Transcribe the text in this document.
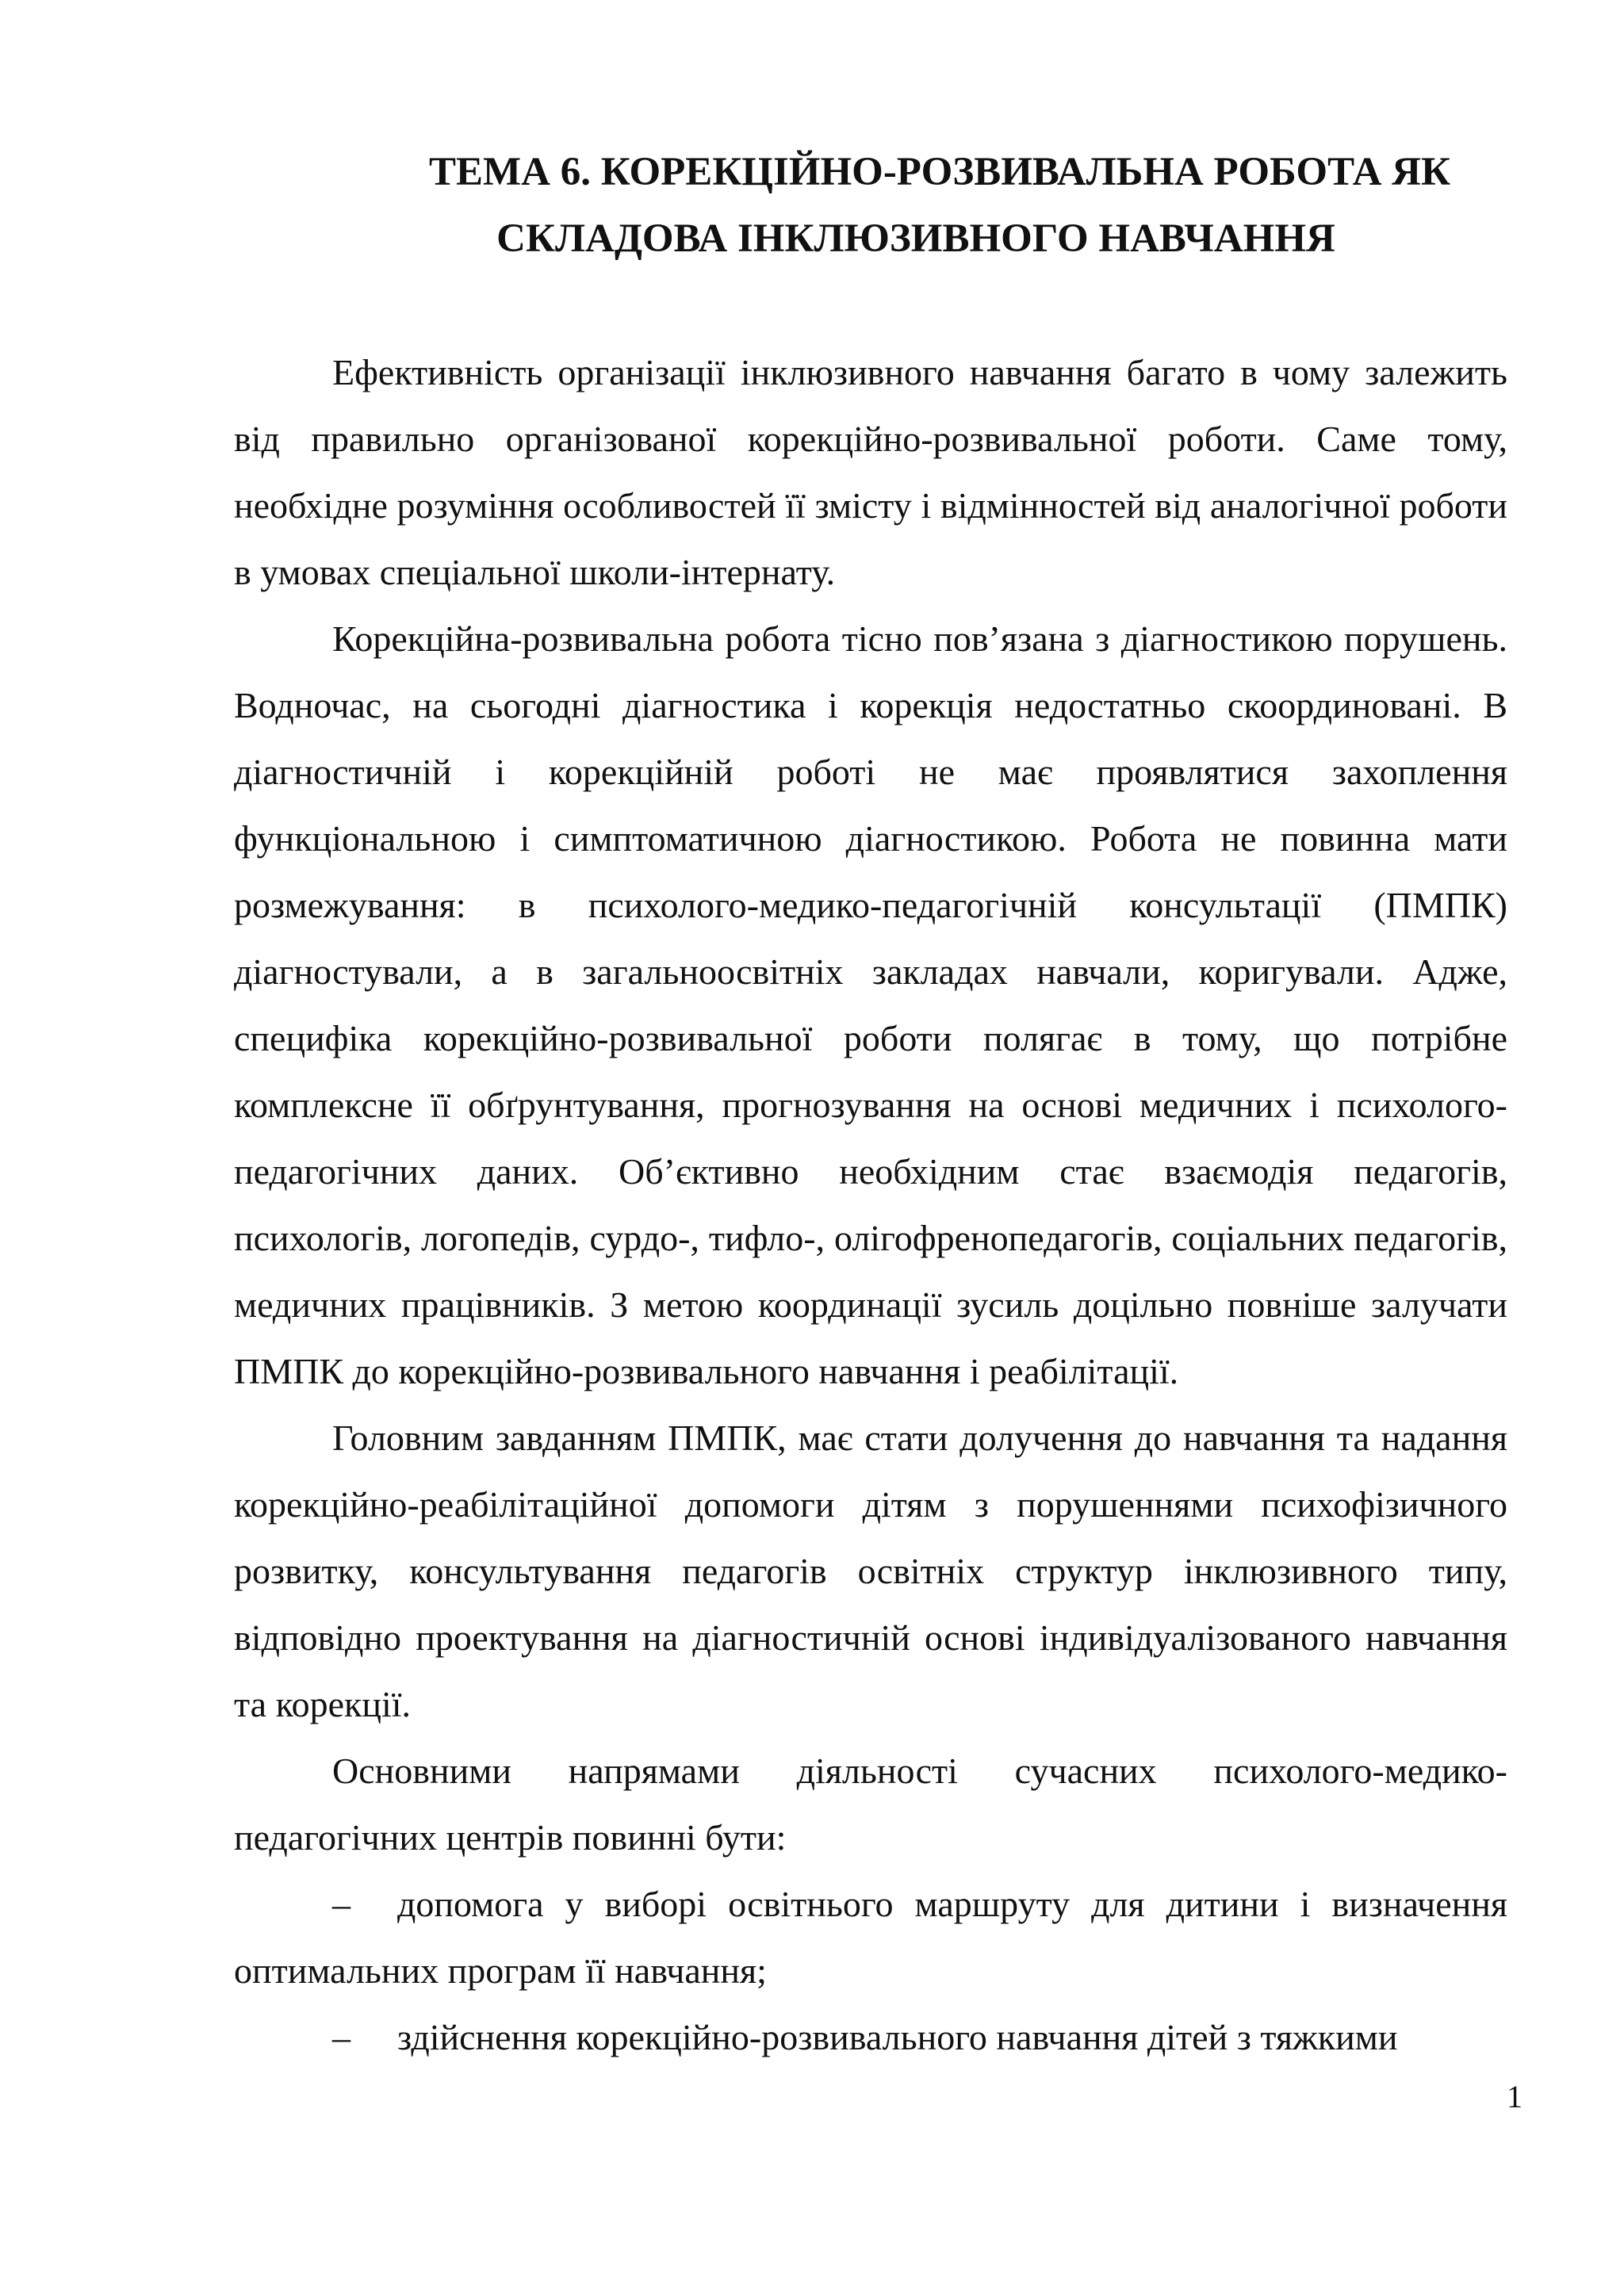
ТЕМА 6. КОРЕКЦІЙНО-РОЗВИВАЛЬНА РОБОТА ЯК
СКЛАДОВА ІНКЛЮЗИВНОГО НАВЧАННЯ

Ефективність організації інклюзивного навчання багато в чому залежить від правильно організованої корекційно-розвивальної роботи. Саме тому, необхідне розуміння особливостей її змісту і відмінностей від аналогічної роботи в умовах спеціальної школи-інтернату.

Корекційна-розвивальна робота тісно пов’язана з діагностикою порушень. Водночас, на сьогодні діагностика і корекція недостатньо скоординовані. В діагностичній і корекційній роботі не має проявлятися захоплення функціональною і симптоматичною діагностикою. Робота не повинна мати розмежування: в психолого-медико-педагогічній консультації (ПМПК) діагностували, а в загальноосвітніх закладах навчали, коригували. Адже, специфіка корекційно-розвивальної роботи полягає в тому, що потрібне комплексне її обґрунтування, прогнозування на основі медичних і психолого-педагогічних даних. Об’єктивно необхідним стає взаємодія педагогів, психологів, логопедів, сурдо-, тифло-, олігофренопедагогів, соціальних педагогів, медичних працівників. З метою координації зусиль доцільно повніше залучати ПМПК до корекційно-розвивального навчання і реабілітації.

Головним завданням ПМПК, має стати долучення до навчання та надання корекційно-реабілітаційної допомоги дітям з порушеннями психофізичного розвитку, консультування педагогів освітніх структур інклюзивного типу, відповідно проектування на діагностичній основі індивідуалізованого навчання та корекції.

Основними напрямами діяльності сучасних психолого-медико-педагогічних центрів повинні бути:

– допомога у виборі освітнього маршруту для дитини і визначення оптимальних програм її навчання;

– здійснення корекційно-розвивального навчання дітей з тяжкими

1
